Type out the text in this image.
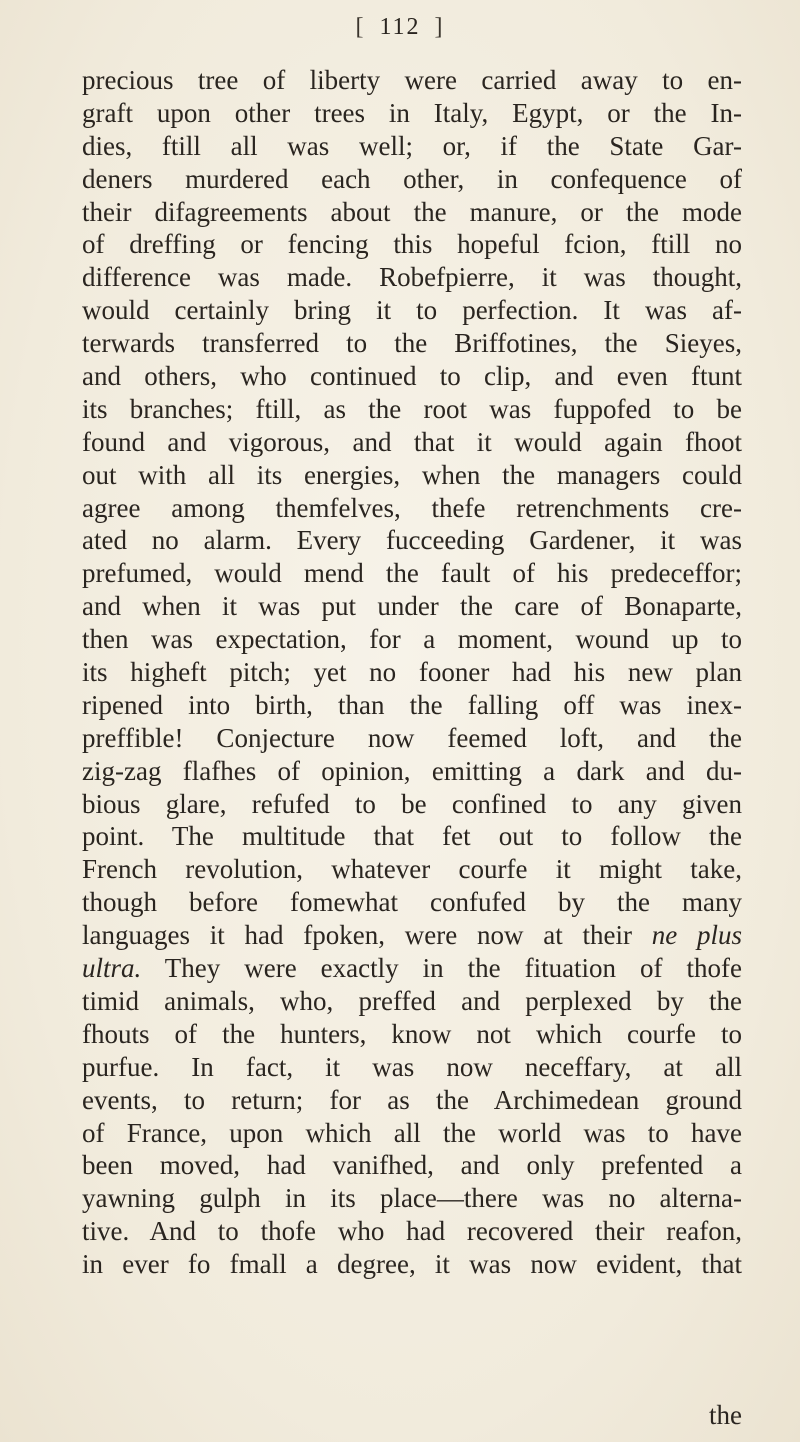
[ 112 ]
precious tree of liberty were carried away to en-
graft upon other trees in Italy, Egypt, or the In-
dies, ftill all was well; or, if the State Gar-
deners murdered each other, in confequence of
their difagreements about the manure, or the mode
of dreffing or fencing this hopeful fcion, ftill no
difference was made. Robefpierre, it was thought,
would certainly bring it to perfection. It was af-
terwards transferred to the Briffotines, the Sieyes,
and others, who continued to clip, and even ftunt
its branches; ftill, as the root was fuppofed to be
found and vigorous, and that it would again fhoot
out with all its energies, when the managers could
agree among themfelves, thefe retrenchments cre-
ated no alarm. Every fucceeding Gardener, it was
prefumed, would mend the fault of his predeceffor;
and when it was put under the care of Bonaparte,
then was expectation, for a moment, wound up to
its higheft pitch; yet no fooner had his new plan
ripened into birth, than the falling off was inex-
preffible! Conjecture now feemed loft, and the
zig-zag flafhes of opinion, emitting a dark and du-
bious glare, refufed to be confined to any given
point. The multitude that fet out to follow the
French revolution, whatever courfe it might take,
though before fomewhat confufed by the many
languages it had fpoken, were now at their ne plus
ultra. They were exactly in the fituation of thofe
timid animals, who, preffed and perplexed by the
fhouts of the hunters, know not which courfe to
purfue. In fact, it was now neceffary, at all
events, to return; for as the Archimedean ground
of France, upon which all the world was to have
been moved, had vanifhed, and only prefented a
yawning gulph in its place—there was no alterna-
tive. And to thofe who had recovered their reafon,
in ever fo fmall a degree, it was now evident, that
the
